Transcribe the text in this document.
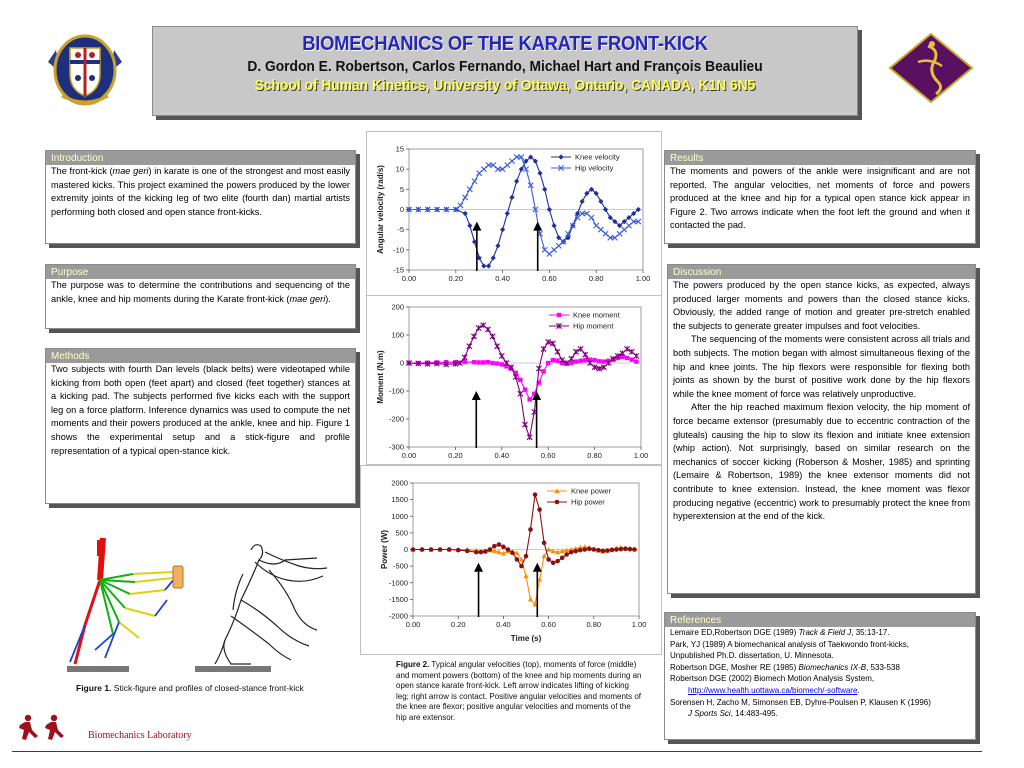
BIOMECHANICS OF THE KARATE FRONT-KICK
D. Gordon E. Robertson, Carlos Fernando, Michael Hart and François Beaulieu
School of Human Kinetics, University of Ottawa, Ontario, CANADA, K1N 6N5
Introduction

The front-kick (mae geri) in karate is one of the strongest and most easily mastered kicks. This project examined the powers produced by the lower extremity joints of the kicking leg of two elite (fourth dan) martial artists performing both closed and open stance front-kicks.

Purpose

The purpose was to determine the contributions and sequencing of the ankle, knee and hip moments during the Karate front-kick (mae geri).

Methods

Two subjects with fourth Dan levels (black belts) were videotaped while kicking from both open (feet apart) and closed (feet together) stances at a kicking pad. The subjects performed five kicks each with the support leg on a force platform. Inference dynamics was used to compute the net moments and their powers produced at the ankle, knee and hip. Figure 1 shows the experimental setup and a stick-figure and profile representation of a typical open-stance kick.

Figure 1. Stick-figure and profiles of closed-stance front-kick
Biomechanics Laboratory
15
10
5
0
-5
-10
-15
0.00	0.20	0.40	0.60	0.80	1.00
Angular velocity (rad/s)
Knee velocity
Hip velocity
200
100
0
-100
-200
-300
0.00	0.20	0.40	0.60	0.80	1.00
Moment (N.m)
Knee moment
Hip moment
2000
1500
1000
500
0
-500
-1000
-1500
-2000
0.00	0.20	0.40	0.60	0.80	1.00
Power (W)
Time (s)
Knee power
Hip power
Figure 2. Typical angular velocities (top), moments of force (middle) and moment powers (bottom) of the knee and hip moments during an open stance karate front-kick. Left arrow indicates lifting of kicking leg; right arrow is contact. Positive angular velocities and moments of the knee are flexor; positive angular velocities and moments of the hip are extensor.
Results

The moments and powers of the ankle were insignificant and are not reported. The angular velocities, net moments of force and powers produced at the knee and hip for a typical open stance kick appear in Figure 2. Two arrows indicate when the foot left the ground and when it contacted the pad.

Discussion

The powers produced by the open stance kicks, as expected, always produced larger moments and powers than the closed stance kicks. Obviously, the added range of motion and greater pre-stretch enabled the subjects to generate greater impulses and foot velocities.

The sequencing of the moments were consistent across all trials and both subjects. The motion began with almost simultaneous flexing of the hip and knee joints. The hip flexors were responsible for flexing both joints as shown by the burst of positive work done by the hip flexors while the knee moment of force was relatively unproductive.

After the hip reached maximum flexion velocity, the hip moment of force became extensor (presumably due to eccentric contraction of the gluteals) causing the hip to slow its flexion and initiate knee extension (whip action). Not surprisingly, based on similar research on the mechanics of soccer kicking (Roberson & Mosher, 1985) and sprinting (Lemaire & Robertson, 1989) the knee extensor moments did not contribute to knee extension. Instead, the knee moment was flexor producing negative (eccentric) work to presumably protect the knee from hyperextension at the end of the kick.

References
Lemaire ED,Robertson DGE (1989) Track & Field J, 35:13-17.
Park, YJ (1989) A biomechanical analysis of Taekwondo front-kicks,
Unpublished Ph.D. dissertation, U. Minnesota.
Robertson DGE, Mosher RE (1985) Biomechanics IX-B, 533-538
Robertson DGE (2002) Biomech Motion Analysis System,
http://www.health.uottawa.ca/biomech/-software.
Sorensen H, Zacho M, Simonsen EB, Dyhre-Poulsen P, Klausen K (1996)
J Sports Sci, 14:483-495.
